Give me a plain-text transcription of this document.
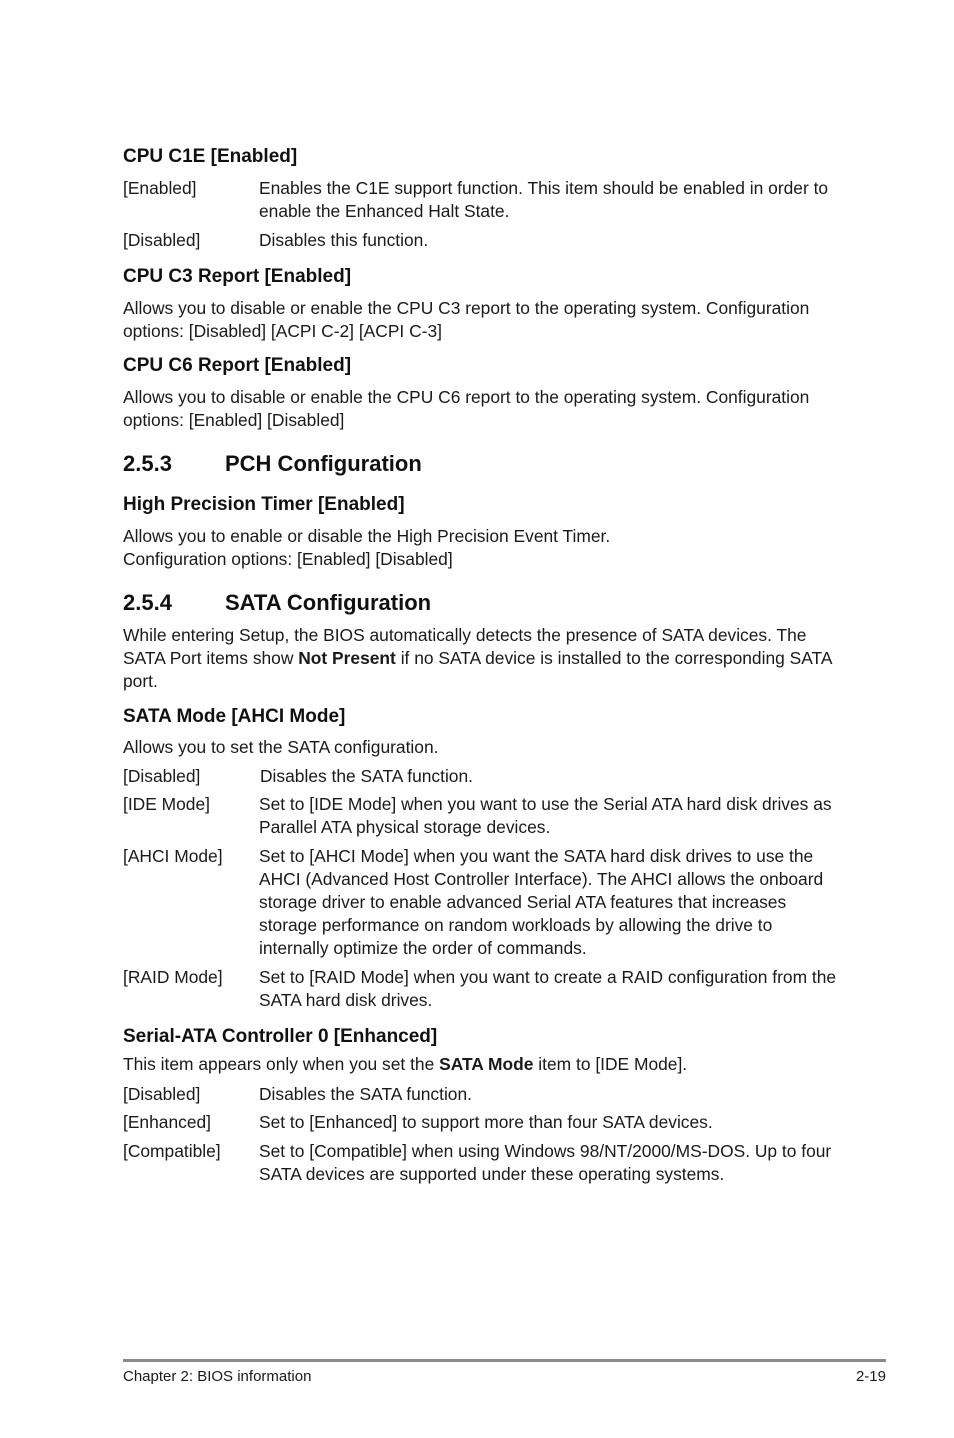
CPU C1E [Enabled]
[Enabled]	Enables the C1E support function. This item should be enabled in order to enable the Enhanced Halt State.
[Disabled]	Disables this function.
CPU C3 Report [Enabled]

Allows you to disable or enable the CPU C3 report to the operating system. Configuration options: [Disabled] [ACPI C-2] [ACPI C-3]

CPU C6 Report [Enabled]

Allows you to disable or enable the CPU C6 report to the operating system. Configuration options: [Enabled] [Disabled]

2.5.3 PCH Configuration
High Precision Timer [Enabled]

Allows you to enable or disable the High Precision Event Timer.

Configuration options: [Enabled] [Disabled]

2.5.4 SATA Configuration

While entering Setup, the BIOS automatically detects the presence of SATA devices. The SATA Port items show Not Present if no SATA device is installed to the corresponding SATA port.

SATA Mode [AHCI Mode]

Allows you to set the SATA configuration.

[Disabled]	Disables the SATA function.
[IDE Mode]	Set to [IDE Mode] when you want to use the Serial ATA hard disk drives as Parallel ATA physical storage devices.
[AHCI Mode] Set to [AHCI Mode] when you want the SATA hard disk drives to use the AHCI (Advanced Host Controller Interface). The AHCI allows the onboard storage driver to enable advanced Serial ATA features that increases storage performance on random workloads by allowing the drive to internally optimize the order of commands.
[RAID Mode] Set to [RAID Mode] when you want to create a RAID configuration from the SATA hard disk drives.
Serial-ATA Controller 0 [Enhanced]

This item appears only when you set the SATA Mode item to [IDE Mode].

[Disabled]	Disables the SATA function.
[Enhanced]	Set to [Enhanced] to support more than four SATA devices.
[Compatible] Set to [Compatible] when using Windows 98/NT/2000/MS-DOS. Up to four SATA devices are supported under these operating systems.
Chapter 2: BIOS information	2-19
